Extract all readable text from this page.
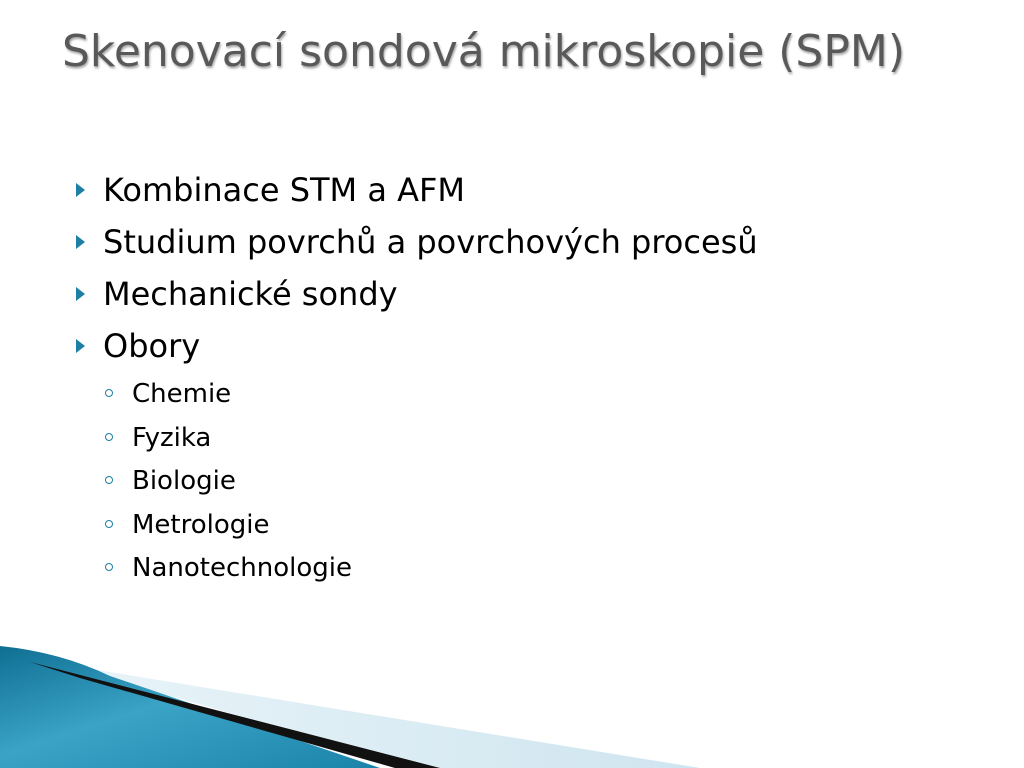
Skenovací sondová mikroskopie (SPM)
Kombinace STM a AFM
Studium povrchů a povrchových procesů
Mechanické sondy
Obory
Chemie
Fyzika
Biologie
Metrologie
Nanotechnologie
